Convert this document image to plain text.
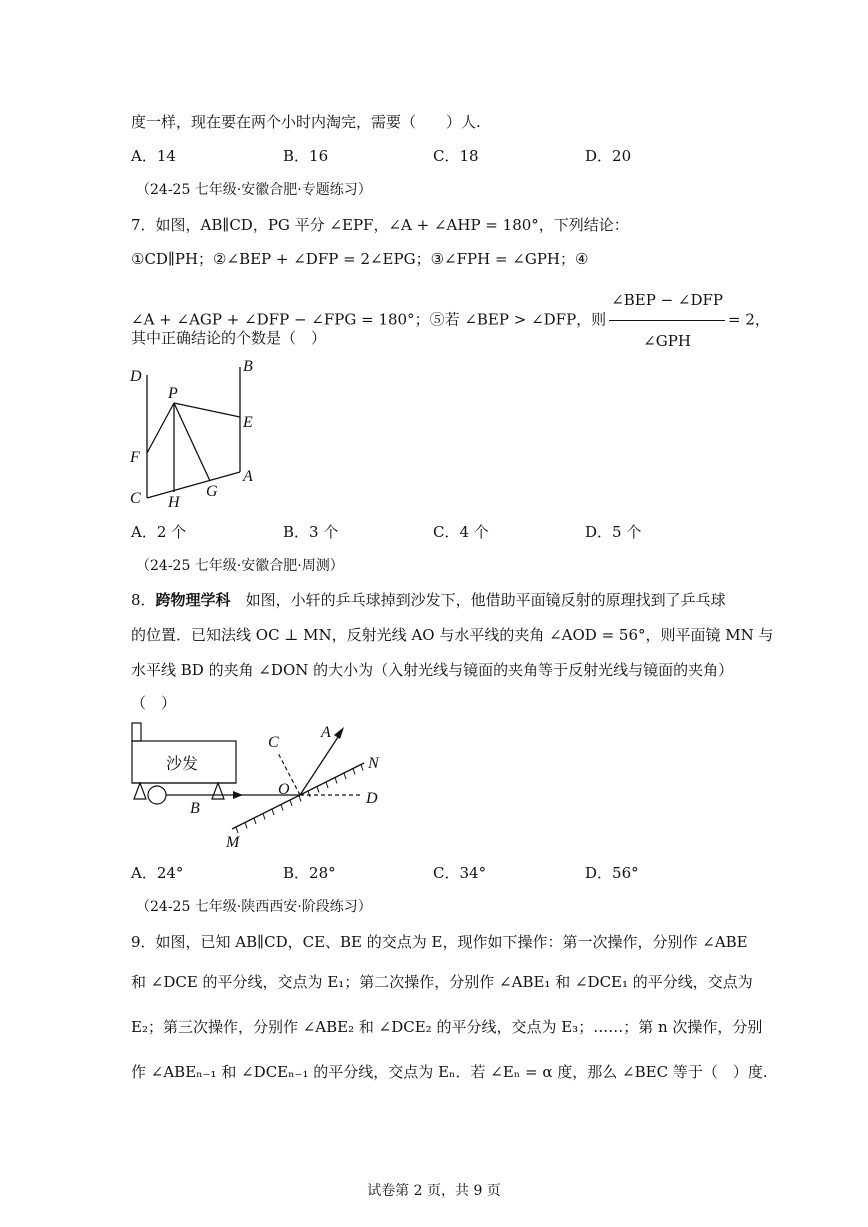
度一样，现在要在两个小时内淘完，需要（　　）人.
A．14	B．16	C．18	D．20
（24-25 七年级·安徽合肥·专题练习）
7．如图，AB∥CD，PG 平分 ∠EPF，∠A + ∠AHP = 180°，下列结论：
①CD∥PH；②∠BEP + ∠DFP = 2∠EPG；③∠FPH = ∠GPH；④
∠A + ∠AGP + ∠DFP − ∠FPG = 180°；⑤若 ∠BEP > ∠DFP，则 $\frac{\text{∠BEP − ∠DFP}}{\text{∠GPH}} = 2$，
其中正确结论的个数是（　）
D
B
P
E
F
A
C H
G
A．2 个	B．3 个	C．4 个	D．5 个
（24-25 七年级·安徽合肥·周测）
8．跨物理学科　如图，小轩的乒乓球掉到沙发下，他借助平面镜反射的原理找到了乒乓球
的位置．已知法线 OC ⊥ MN，反射光线 AO 与水平线的夹角 ∠AOD = 56°，则平面镜 MN 与
水平线 BD 的夹角 ∠DON 的大小为（入射光线与镜面的夹角等于反射光线与镜面的夹角）
（　）
沙发
C
A
N
O
D
B
M
A．24°	B．28°	C．34°	D．56°
（24-25 七年级·陕西西安·阶段练习）
9．如图，已知 AB∥CD，CE、BE 的交点为 E，现作如下操作：第一次操作，分别作 ∠ABE
和 ∠DCE 的平分线，交点为 E₁；第二次操作，分别作 ∠ABE₁ 和 ∠DCE₁ 的平分线，交点为
E₂；第三次操作，分别作 ∠ABE₂ 和 ∠DCE₂ 的平分线，交点为 E₃；……；第 n 次操作，分别
作 ∠ABEₙ₋₁ 和 ∠DCEₙ₋₁ 的平分线，交点为 Eₙ．若 ∠Eₙ = α 度，那么 ∠BEC 等于（　）度.
试卷第 2 页，共 9 页
